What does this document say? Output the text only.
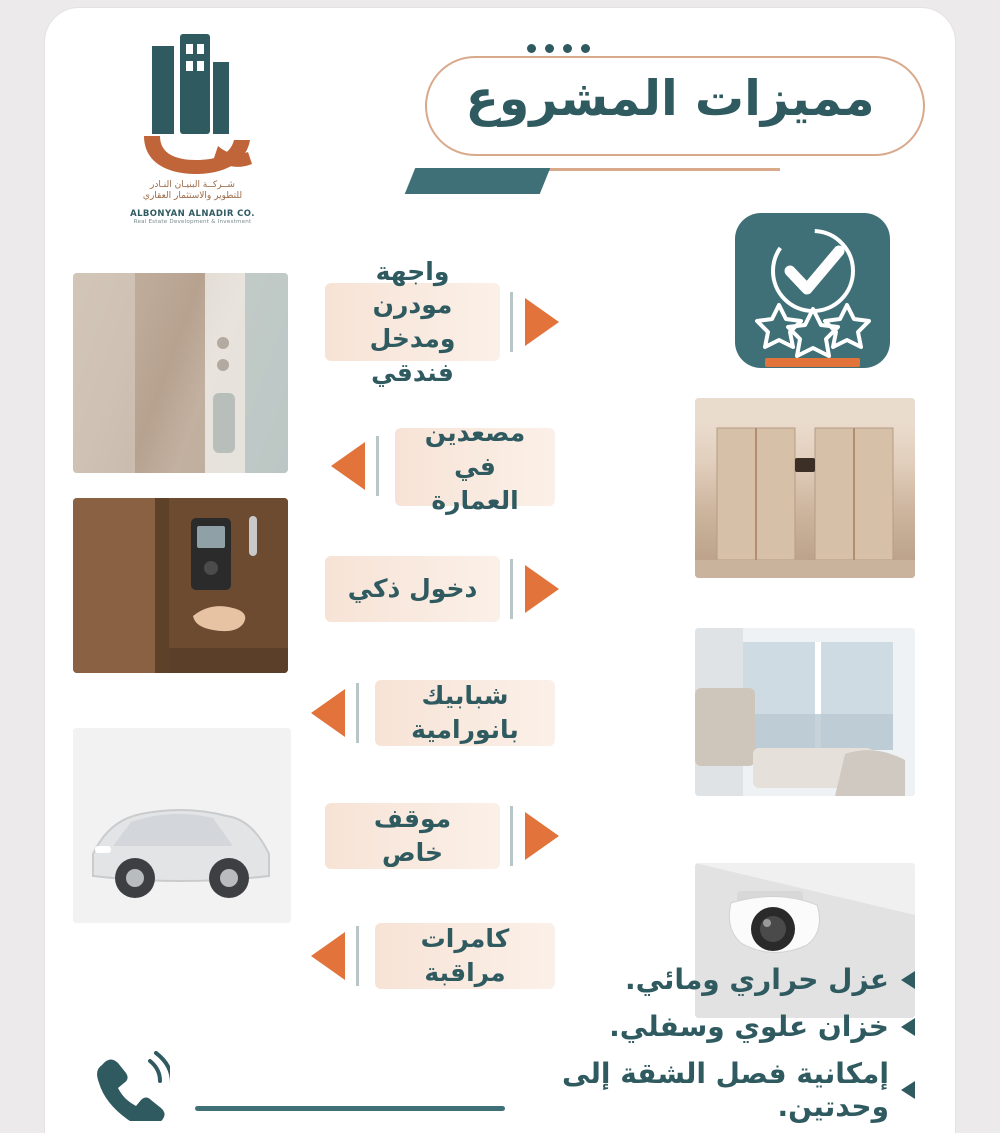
مميزات المشروع
شــركــة البنيـان النـادر
للتطوير والاستثمار العقاري
ALBONYAN ALNADIR CO.
Real Estate Development & Investment
واجهة مودرن
ومدخل فندقي
مصعدين
في العمارة
دخول ذكي
شبابيك بانورامية
موقف خاص
كامرات مراقبة	عزل حراري ومائي.
خزان علوي وسفلي.
إمكانية فصل الشقة إلى وحدتين.
